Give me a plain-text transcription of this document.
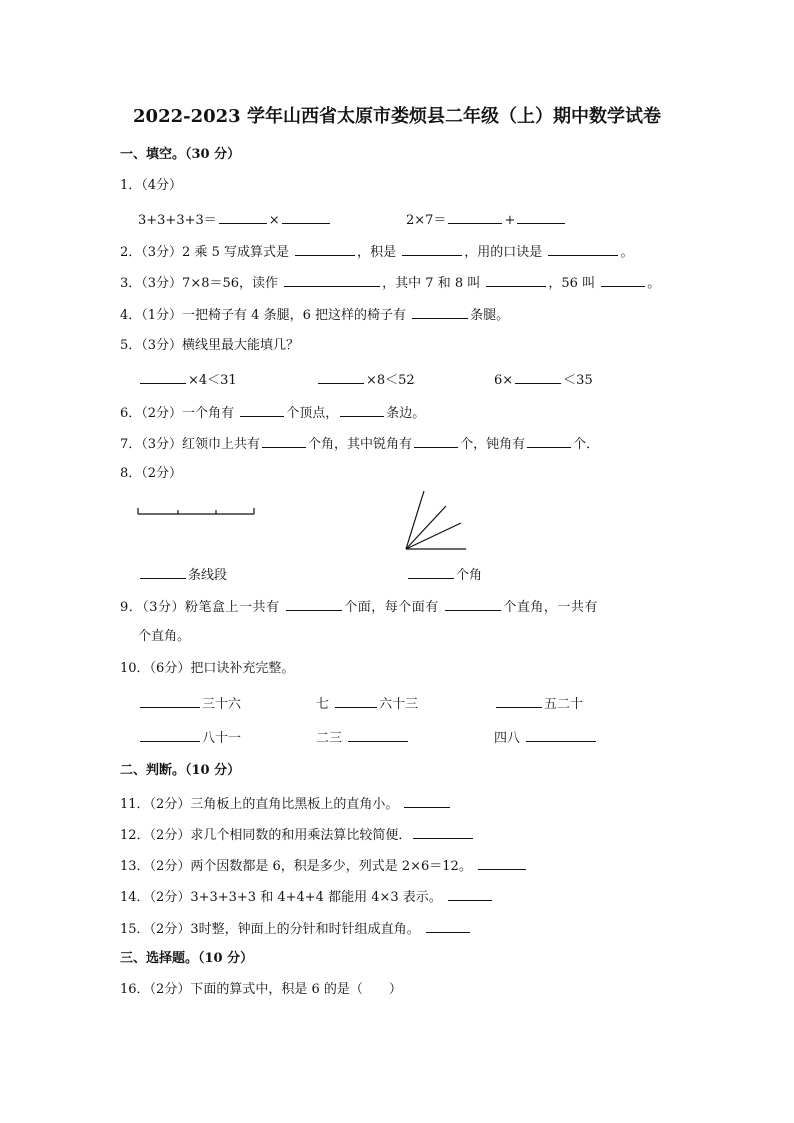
2022-2023 学年山西省太原市娄烦县二年级（上）期中数学试卷
一、填空。（30 分）
1．（4分）
3+3+3+3＝	×	2×7＝	+
2．（3分）2 乘 5 写成算式是	，积是	，用的口诀是	。
3．（3分）7×8＝56，读作	，其中 7 和 8 叫	，56 叫	。
4．（1分）一把椅子有 4 条腿，6 把这样的椅子有	条腿。
5．（3分）横线里最大能填几？
×4＜31	×8＜52	6×	＜35
6．（2分）一个角有	个顶点，	条边。
7．（3分）红领巾上共有	个角，其中锐角有	个，钝角有	个．
8．（2分）
条线段	个角
9．（3分）粉笔盒上一共有	个面，每个面有	个直角，一共有
个直角。
10．（6分）把口诀补充完整。
三十六	七	六十三	五二十
八十一	二三	四八
二、判断。（10 分）
11．（2分）三角板上的直角比黑板上的直角小。
12．（2分）求几个相同数的和用乘法算比较简便．
13．（2分）两个因数都是 6，积是多少，列式是 2×6＝12。
14．（2分）3+3+3+3 和 4+4+4 都能用 4×3 表示。
15．（2分）3时整，钟面上的分针和时针组成直角。
三、选择题。（10 分）
16．（2分）下面的算式中，积是 6 的是（　　）
